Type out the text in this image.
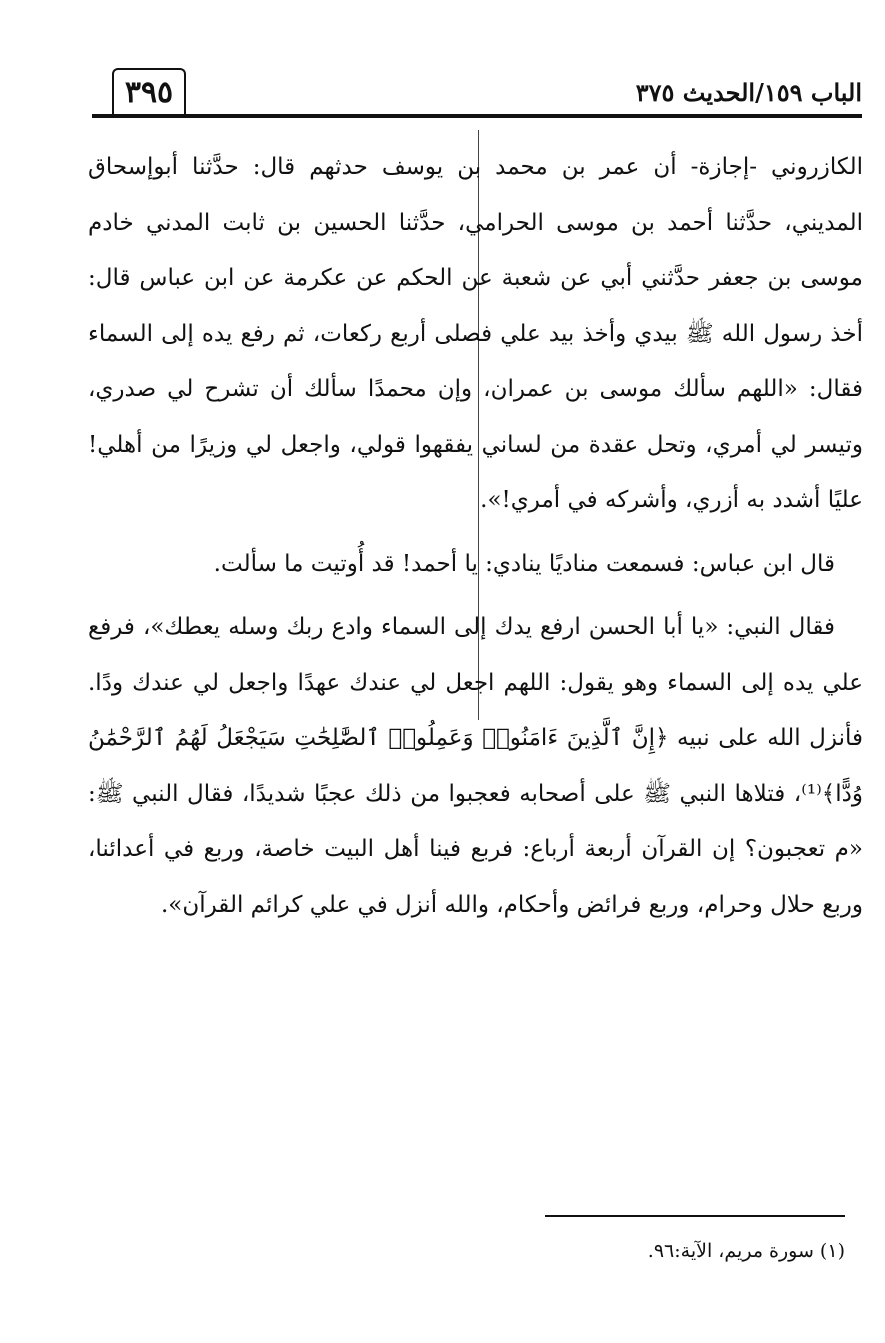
٣٩٥	الباب ١٥٩/الحديث ٣٧٥

الكازروني -إجازة- أن عمر بن محمد بن يوسف حدثهم قال: حدَّثنا أبوإسحاق المديني، حدَّثنا أحمد بن موسى الحرامي، حدَّثنا الحسين بن ثابت المدني خادم موسى بن جعفر حدَّثني أبي عن شعبة عن الحكم عن عكرمة عن ابن عباس قال: أخذ رسول الله ﷺ بيدي وأخذ بيد علي فصلى أربع ركعات، ثم رفع يده إلى السماء فقال: «اللهم سألك موسى بن عمران، وإن محمدًا سألك أن تشرح لي صدري، وتيسر لي أمري، وتحل عقدة من لساني يفقهوا قولي، واجعل لي وزيرًا من أهلي! عليًا أشدد به أزري، وأشركه في أمري!».

قال ابن عباس: فسمعت مناديًا ينادي: يا أحمد! قد أُوتيت ما سألت.

فقال النبي: «يا أبا الحسن ارفع يدك إلى السماء وادع ربك وسله يعطك»، فرفع علي يده إلى السماء وهو يقول: اللهم اجعل لي عندك عهدًا واجعل لي عندك ودًا. فأنزل الله على نبيه ﴿إِنَّ ٱلَّذِينَ ءَامَنُوا۟ وَعَمِلُوا۟ ٱلصَّٰلِحَٰتِ سَيَجْعَلُ لَهُمُ ٱلرَّحْمَٰنُ وُدًّا﴾⁽¹⁾، فتلاها النبي ﷺ على أصحابه فعجبوا من ذلك عجبًا شديدًا، فقال النبي ﷺ: «م تعجبون؟ إن القرآن أربعة أرباع: فربع فينا أهل البيت خاصة، وربع في أعدائنا، وربع حلال وحرام، وربع فرائض وأحكام، والله أنزل في علي كرائم القرآن».

(١) سورة مريم، الآية:٩٦.
